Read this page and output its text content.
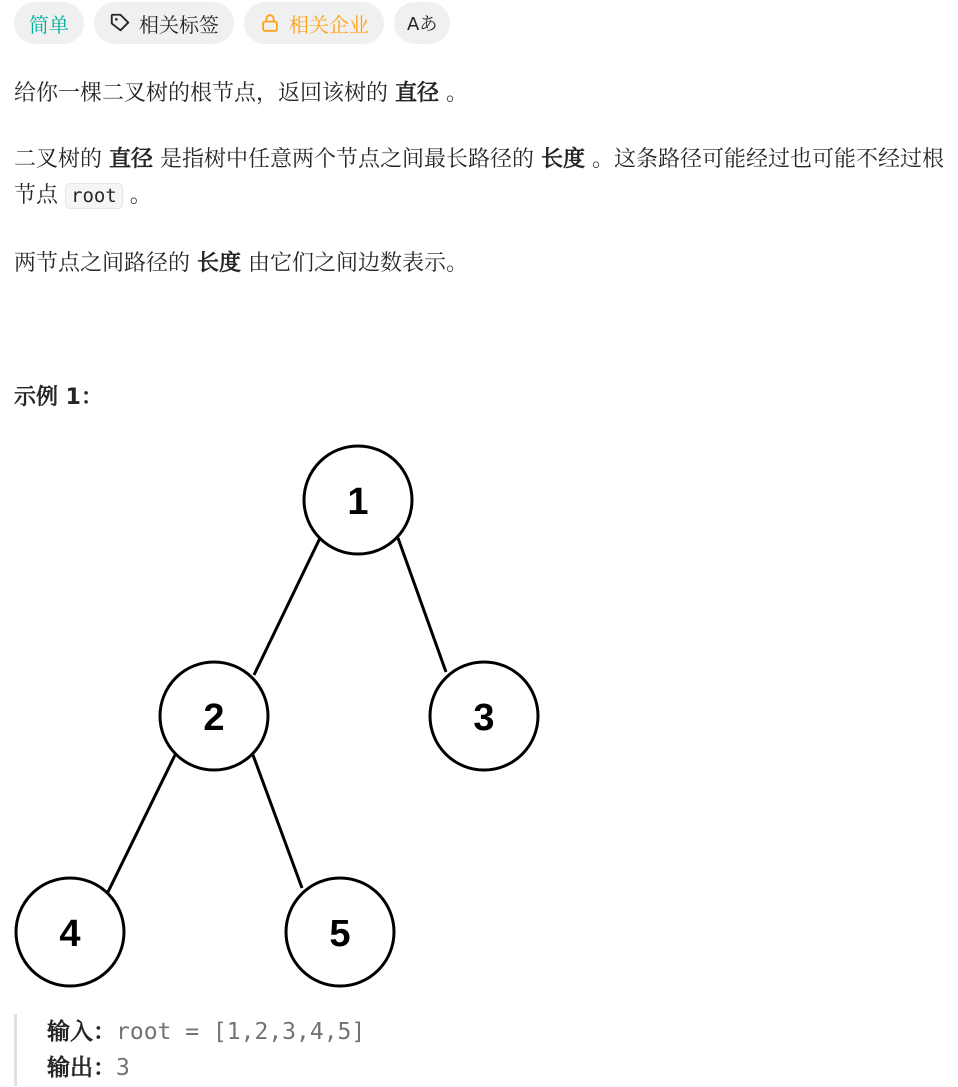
简单	相关标签	相关企业 Aあ

给你一棵二叉树的根节点，返回该树的 直径 。

二叉树的 直径 是指树中任意两个节点之间最长路径的 长度 。这条路径可能经过也可能不经过根节点 root 。

两节点之间路径的 长度 由它们之间边数表示。

示例 1：

1
2	3
4	5
输入：root = [1,2,3,4,5]
输出：3
